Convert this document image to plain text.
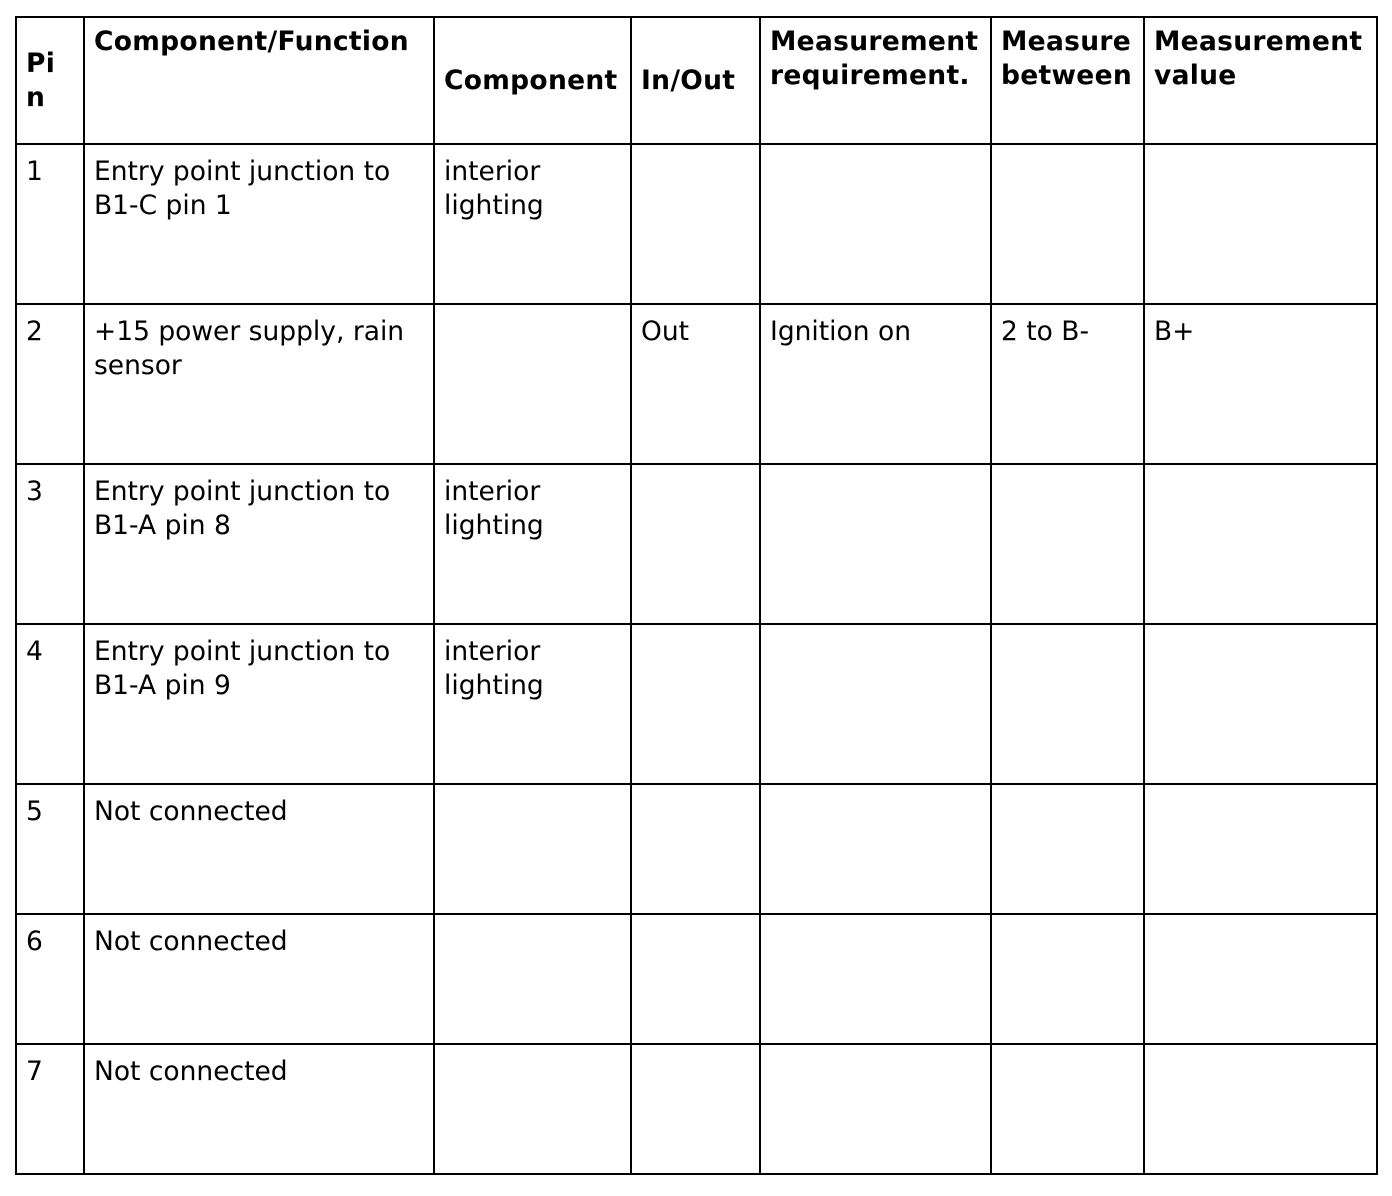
Pin	Component/Function	Component	In/Out	Measurement requirement.	Measure between	Measurement value
1	Entry point junction to B1-C pin 1	interior lighting				
2	+15 power supply, rain sensor		Out	Ignition on	2 to B-	B+
3	Entry point junction to B1-A pin 8	interior lighting				
4	Entry point junction to B1-A pin 9	interior lighting				
5	Not connected					
6	Not connected					
7	Not connected					
